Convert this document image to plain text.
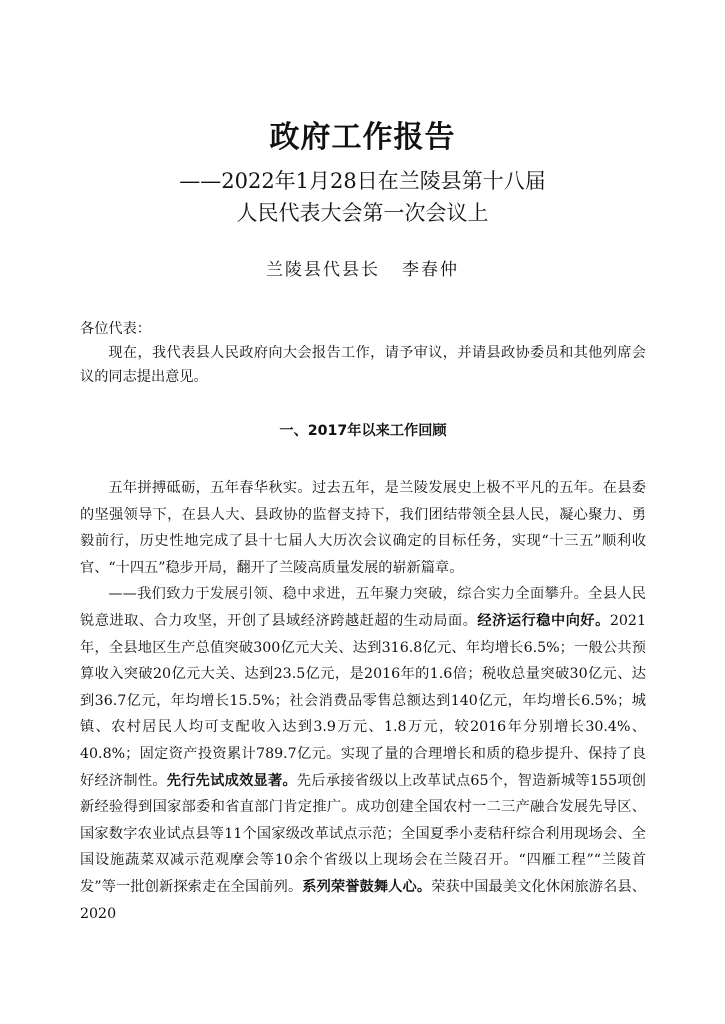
政府工作报告
——2022年1月28日在兰陵县第十八届
人民代表大会第一次会议上
兰陵县代县长 李春仲

各位代表：

现在，我代表县人民政府向大会报告工作，请予审议，并请县政协委员和其他列席会议的同志提出意见。

一、2017年以来工作回顾

五年拼搏砥砺，五年春华秋实。过去五年，是兰陵发展史上极不平凡的五年。在县委的坚强领导下，在县人大、县政协的监督支持下，我们团结带领全县人民，凝心聚力、勇毅前行，历史性地完成了县十七届人大历次会议确定的目标任务，实现“十三五”顺利收官、“十四五”稳步开局，翻开了兰陵高质量发展的崭新篇章。

——我们致力于发展引领、稳中求进，五年聚力突破，综合实力全面攀升。全县人民锐意进取、合力攻坚，开创了县域经济跨越赶超的生动局面。经济运行稳中向好。2021年，全县地区生产总值突破300亿元大关、达到316.8亿元、年均增长6.5%；一般公共预算收入突破20亿元大关、达到23.5亿元，是2016年的1.6倍；税收总量突破30亿元、达到36.7亿元，年均增长15.5%；社会消费品零售总额达到140亿元，年均增长6.5%；城镇、农村居民人均可支配收入达到3.9万元、1.8万元，较2016年分别增长30.4%、40.8%；固定资产投资累计789.7亿元。实现了量的合理增长和质的稳步提升、保持了良好经济制性。先行先试成效显著。先后承接省级以上改革试点65个，智造新城等155项创新经验得到国家部委和省直部门肯定推广。成功创建全国农村一二三产融合发展先导区、国家数字农业试点县等11个国家级改革试点示范；全国夏季小麦秸秆综合利用现场会、全国设施蔬菜双减示范观摩会等10余个省级以上现场会在兰陵召开。“四雁工程”“兰陵首发”等一批创新探索走在全国前列。系列荣誉鼓舞人心。荣获中国最美文化休闲旅游名县、2020
